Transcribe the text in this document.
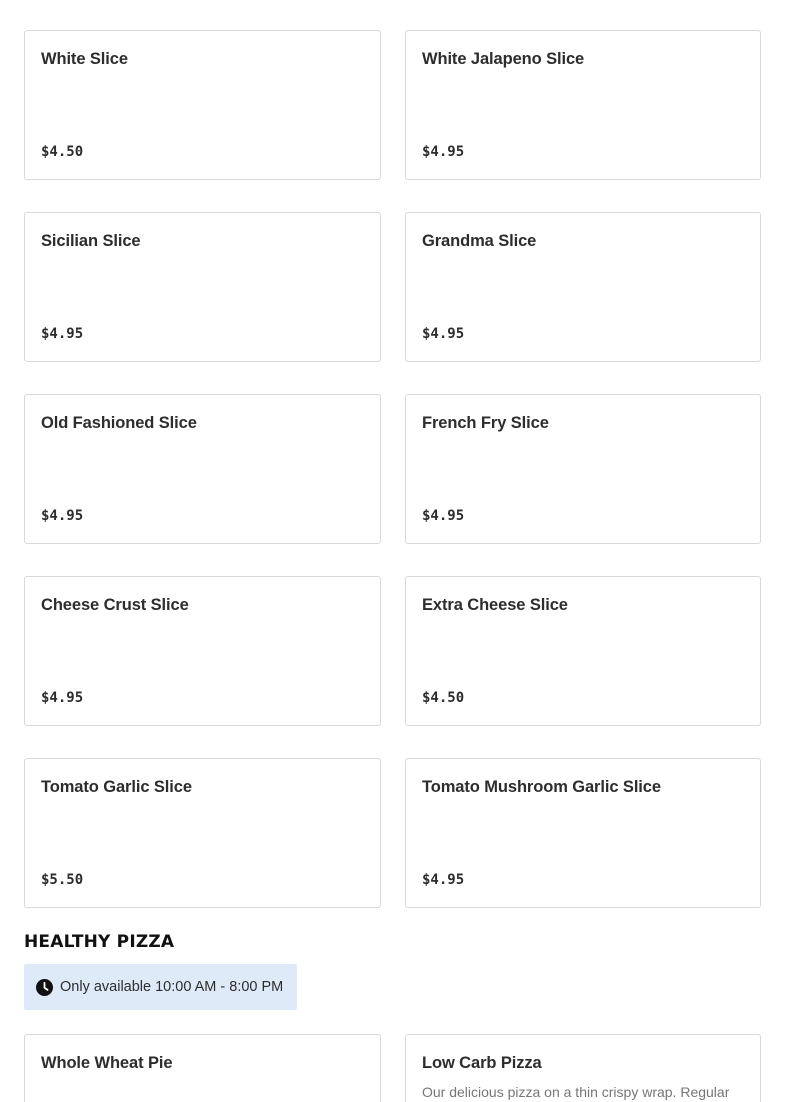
White Slice
$4.50
White Jalapeno Slice
$4.95
Sicilian Slice
$4.95
Grandma Slice
$4.95
Old Fashioned Slice
$4.95
French Fry Slice
$4.95
Cheese Crust Slice
$4.95
Extra Cheese Slice
$4.50
Tomato Garlic Slice
$5.50
Tomato Mushroom Garlic Slice
$4.95
HEALTHY PIZZA
Only available 10:00 AM - 8:00 PM
Whole Wheat Pie	Low Carb Pizza
Our delicious pizza on a thin crispy wrap. Regular
